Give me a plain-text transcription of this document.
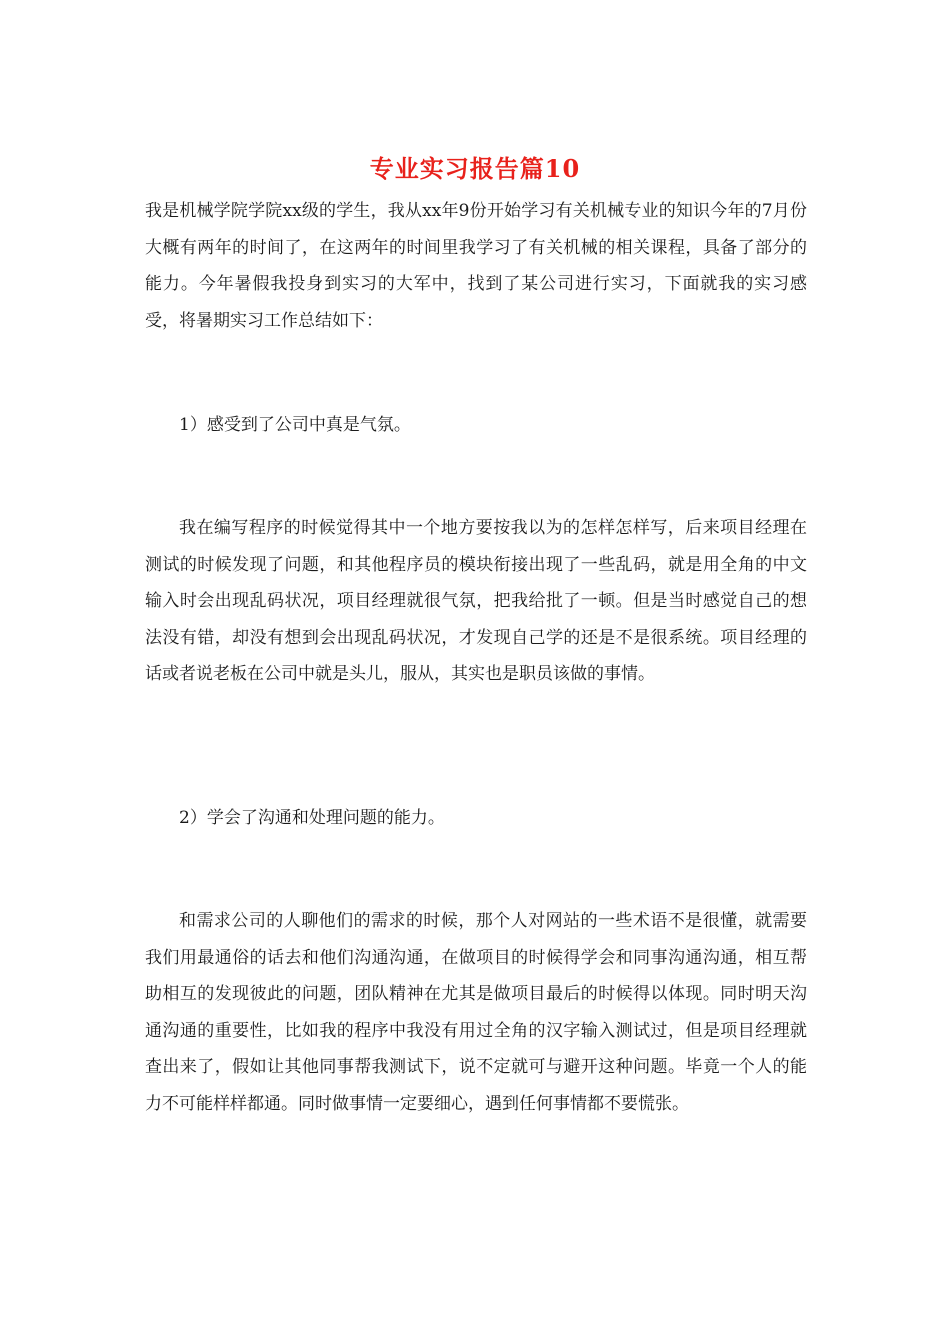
专业实习报告篇10

我是机械学院学院xx级的学生，我从xx年9份开始学习有关机械专业的知识今年的7月份大概有两年的时间了，在这两年的时间里我学习了有关机械的相关课程，具备了部分的能力。今年暑假我投身到实习的大军中，找到了某公司进行实习，下面就我的实习感受，将暑期实习工作总结如下：

1）感受到了公司中真是气氛。

我在编写程序的时候觉得其中一个地方要按我以为的怎样怎样写，后来项目经理在测试的时候发现了问题，和其他程序员的模块衔接出现了一些乱码，就是用全角的中文输入时会出现乱码状况，项目经理就很气氛，把我给批了一顿。但是当时感觉自己的想法没有错，却没有想到会出现乱码状况，才发现自己学的还是不是很系统。项目经理的话或者说老板在公司中就是头儿，服从，其实也是职员该做的事情。

2）学会了沟通和处理问题的能力。

和需求公司的人聊他们的需求的时候，那个人对网站的一些术语不是很懂，就需要我们用最通俗的话去和他们沟通沟通，在做项目的时候得学会和同事沟通沟通，相互帮助相互的发现彼此的问题，团队精神在尤其是做项目最后的时候得以体现。同时明天沟通沟通的重要性，比如我的程序中我没有用过全角的汉字输入测试过，但是项目经理就查出来了，假如让其他同事帮我测试下，说不定就可与避开这种问题。毕竟一个人的能力不可能样样都通。同时做事情一定要细心，遇到任何事情都不要慌张。
